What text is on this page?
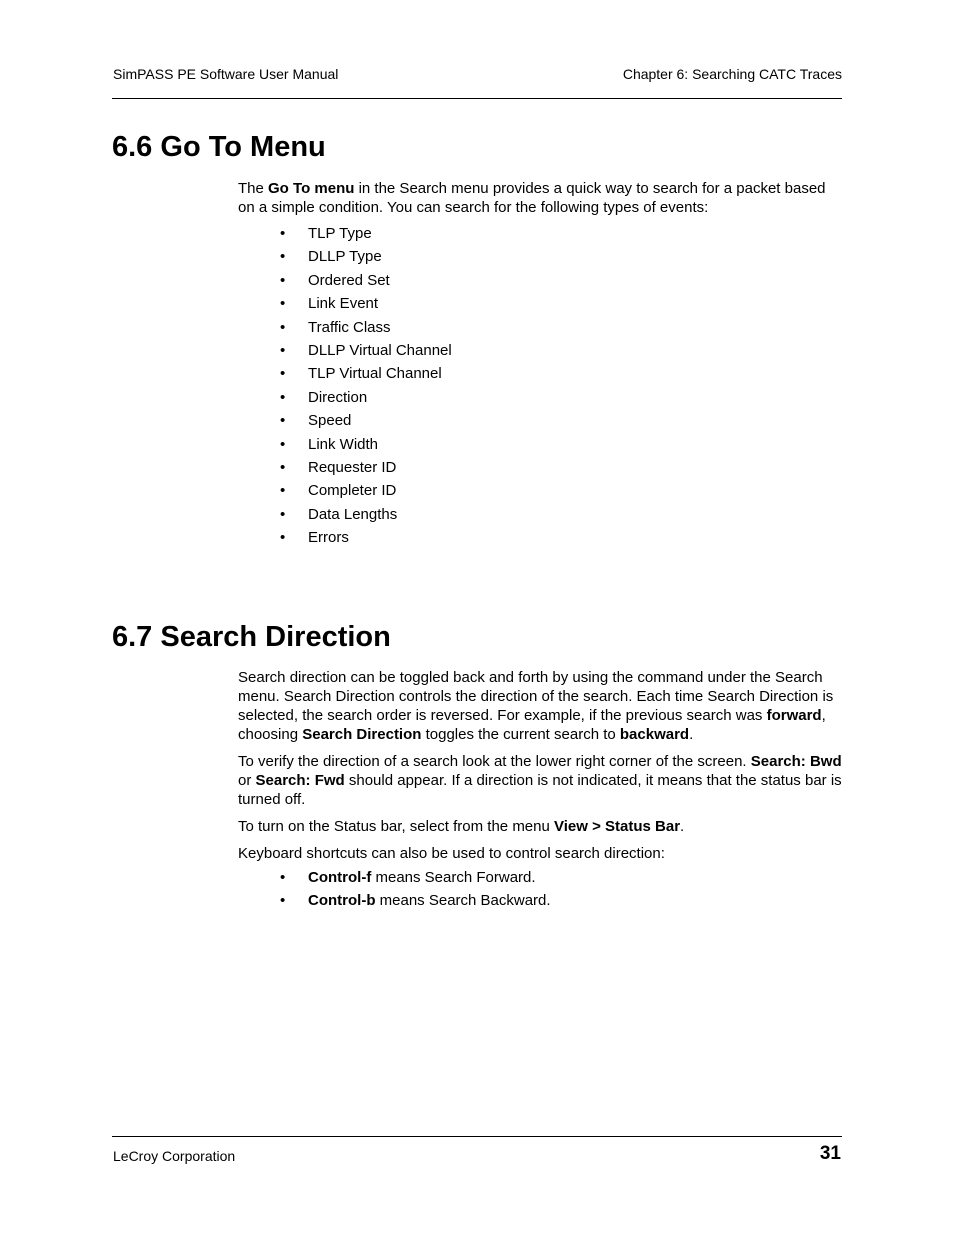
SimPASS PE Software User Manual	Chapter 6: Searching CATC Traces
6.6 Go To Menu

The Go To menu in the Search menu provides a quick way to search for a packet based on a simple condition. You can search for the following types of events:

• TLP Type
• DLLP Type
• Ordered Set
• Link Event
• Traffic Class
• DLLP Virtual Channel
• TLP Virtual Channel
• Direction
• Speed
• Link Width
• Requester ID
• Completer ID
• Data Lengths
• Errors
6.7 Search Direction

Search direction can be toggled back and forth by using the command under the Search menu. Search Direction controls the direction of the search. Each time Search Direction is selected, the search order is reversed. For example, if the previous search was forward, choosing Search Direction toggles the current search to backward.

To verify the direction of a search look at the lower right corner of the screen. Search: Bwd or Search: Fwd should appear. If a direction is not indicated, it means that the status bar is turned off.

To turn on the Status bar, select from the menu View > Status Bar.

Keyboard shortcuts can also be used to control search direction:

• Control-f means Search Forward.
• Control-b means Search Backward.
LeCroy Corporation	31
